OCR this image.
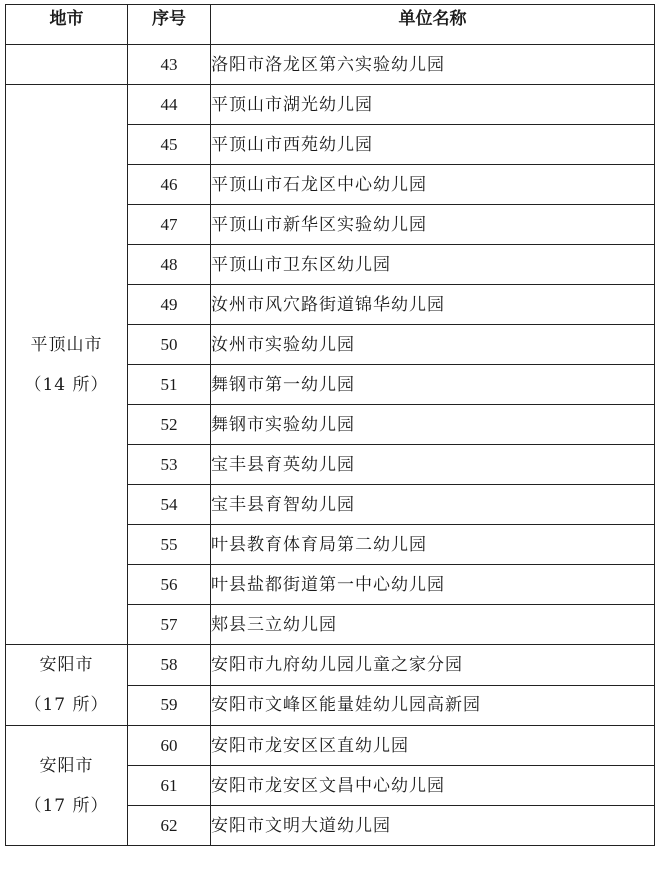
地市	序号	单位名称

	43	洛阳市洛龙区第六实验幼儿园

平顶山市
（14 所）	44	平顶山市湖光幼儿园
	45	平顶山市西苑幼儿园
	46	平顶山市石龙区中心幼儿园
	47	平顶山市新华区实验幼儿园
	48	平顶山市卫东区幼儿园
	49	汝州市风穴路街道锦华幼儿园
	50	汝州市实验幼儿园
	51	舞钢市第一幼儿园
	52	舞钢市实验幼儿园
	53	宝丰县育英幼儿园
	54	宝丰县育智幼儿园
	55	叶县教育体育局第二幼儿园
	56	叶县盐都街道第一中心幼儿园
	57	郏县三立幼儿园

安阳市
（17 所）	58	安阳市九府幼儿园儿童之家分园
	59	安阳市文峰区能量娃幼儿园高新园

安阳市
（17 所）	60	安阳市龙安区区直幼儿园
	61	安阳市龙安区文昌中心幼儿园
	62	安阳市文明大道幼儿园
